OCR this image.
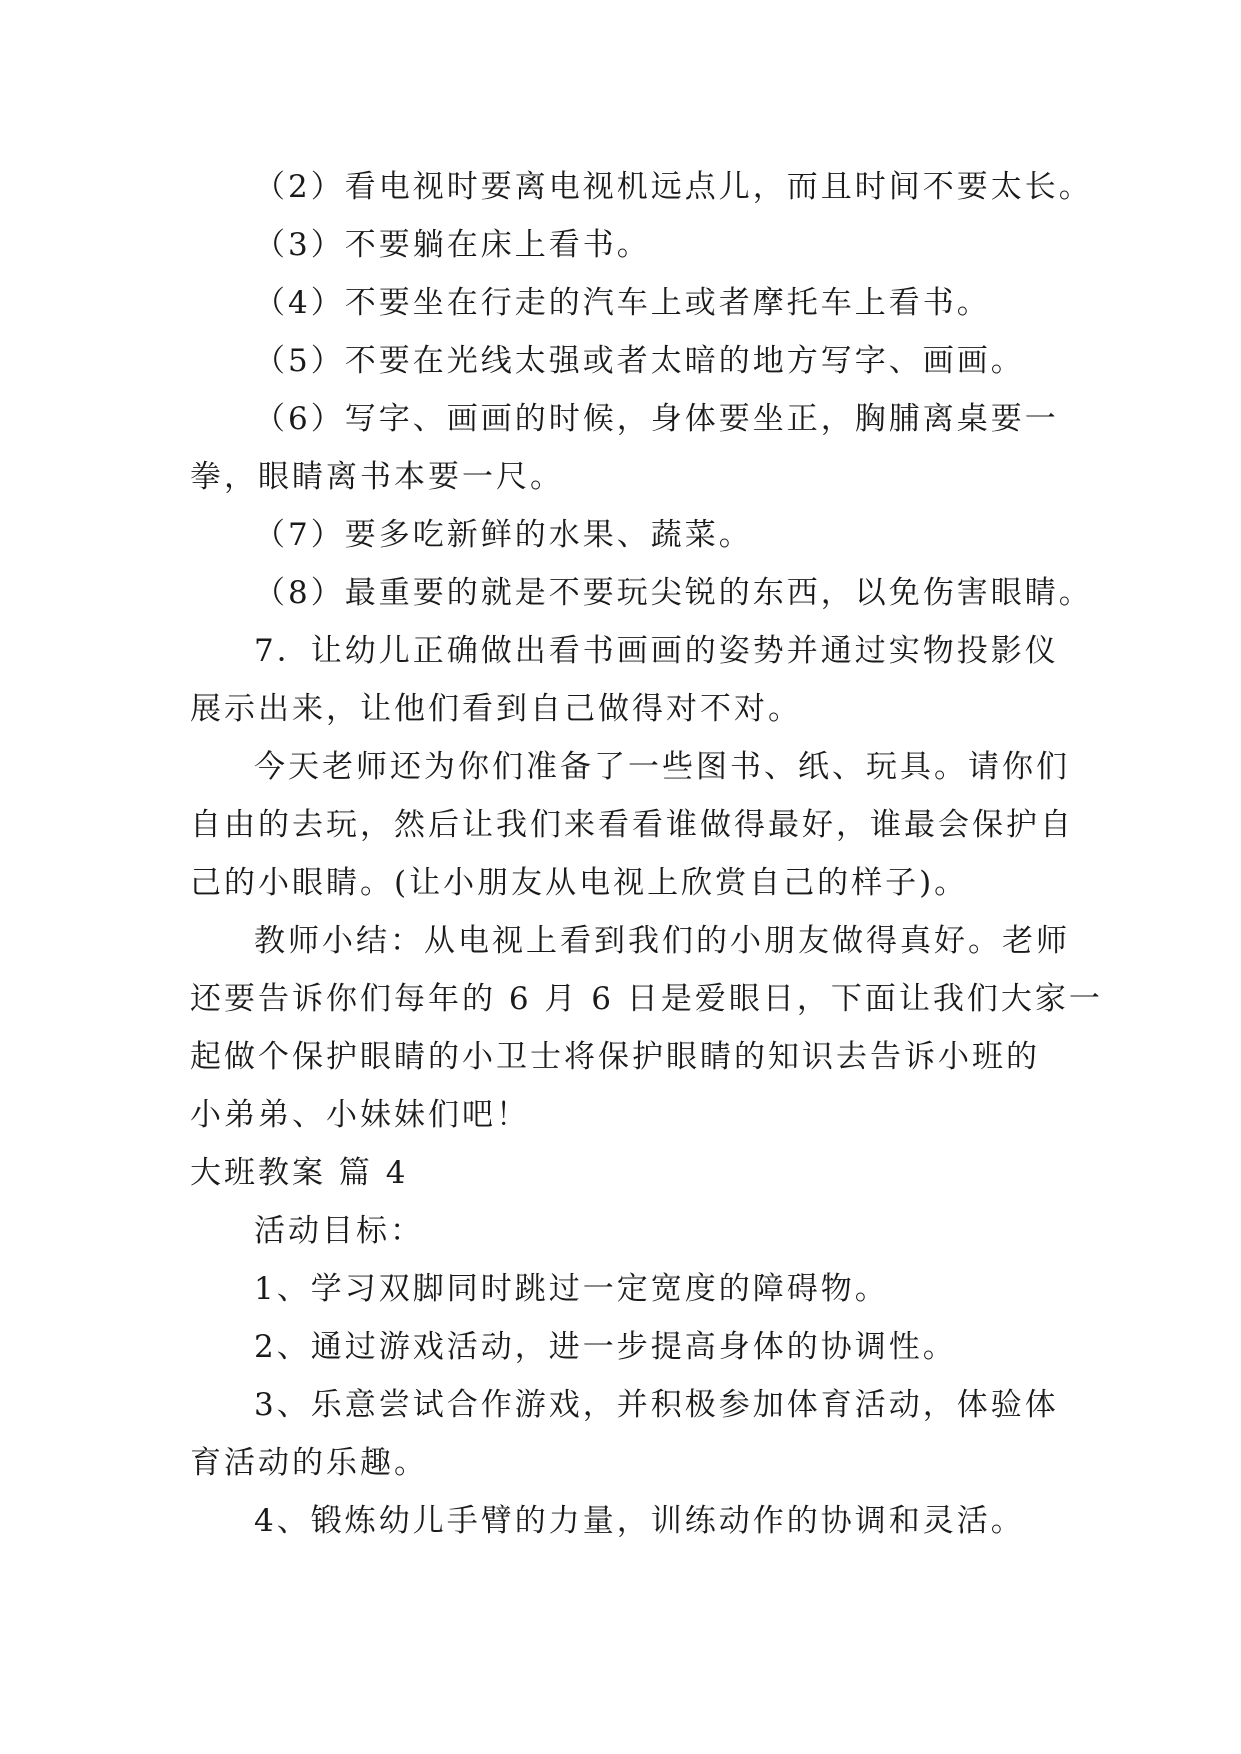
（2）看电视时要离电视机远点儿，而且时间不要太长。
（3）不要躺在床上看书。
（4）不要坐在行走的汽车上或者摩托车上看书。
（5）不要在光线太强或者太暗的地方写字、画画。
（6）写字、画画的时候，身体要坐正，胸脯离桌要一
拳，眼睛离书本要一尺。
（7）要多吃新鲜的水果、蔬菜。
（8）最重要的就是不要玩尖锐的东西，以免伤害眼睛。
7．让幼儿正确做出看书画画的姿势并通过实物投影仪
展示出来，让他们看到自己做得对不对。
今天老师还为你们准备了一些图书、纸、玩具。请你们
自由的去玩，然后让我们来看看谁做得最好，谁最会保护自
己的小眼睛。(让小朋友从电视上欣赏自己的样子)。
教师小结：从电视上看到我们的小朋友做得真好。老师
还要告诉你们每年的 6 月 6 日是爱眼日，下面让我们大家一
起做个保护眼睛的小卫士将保护眼睛的知识去告诉小班的
小弟弟、小妹妹们吧！
大班教案 篇 4
活动目标：
1、学习双脚同时跳过一定宽度的障碍物。
2、通过游戏活动，进一步提高身体的协调性。
3、乐意尝试合作游戏，并积极参加体育活动，体验体
育活动的乐趣。
4、锻炼幼儿手臂的力量，训练动作的协调和灵活。
